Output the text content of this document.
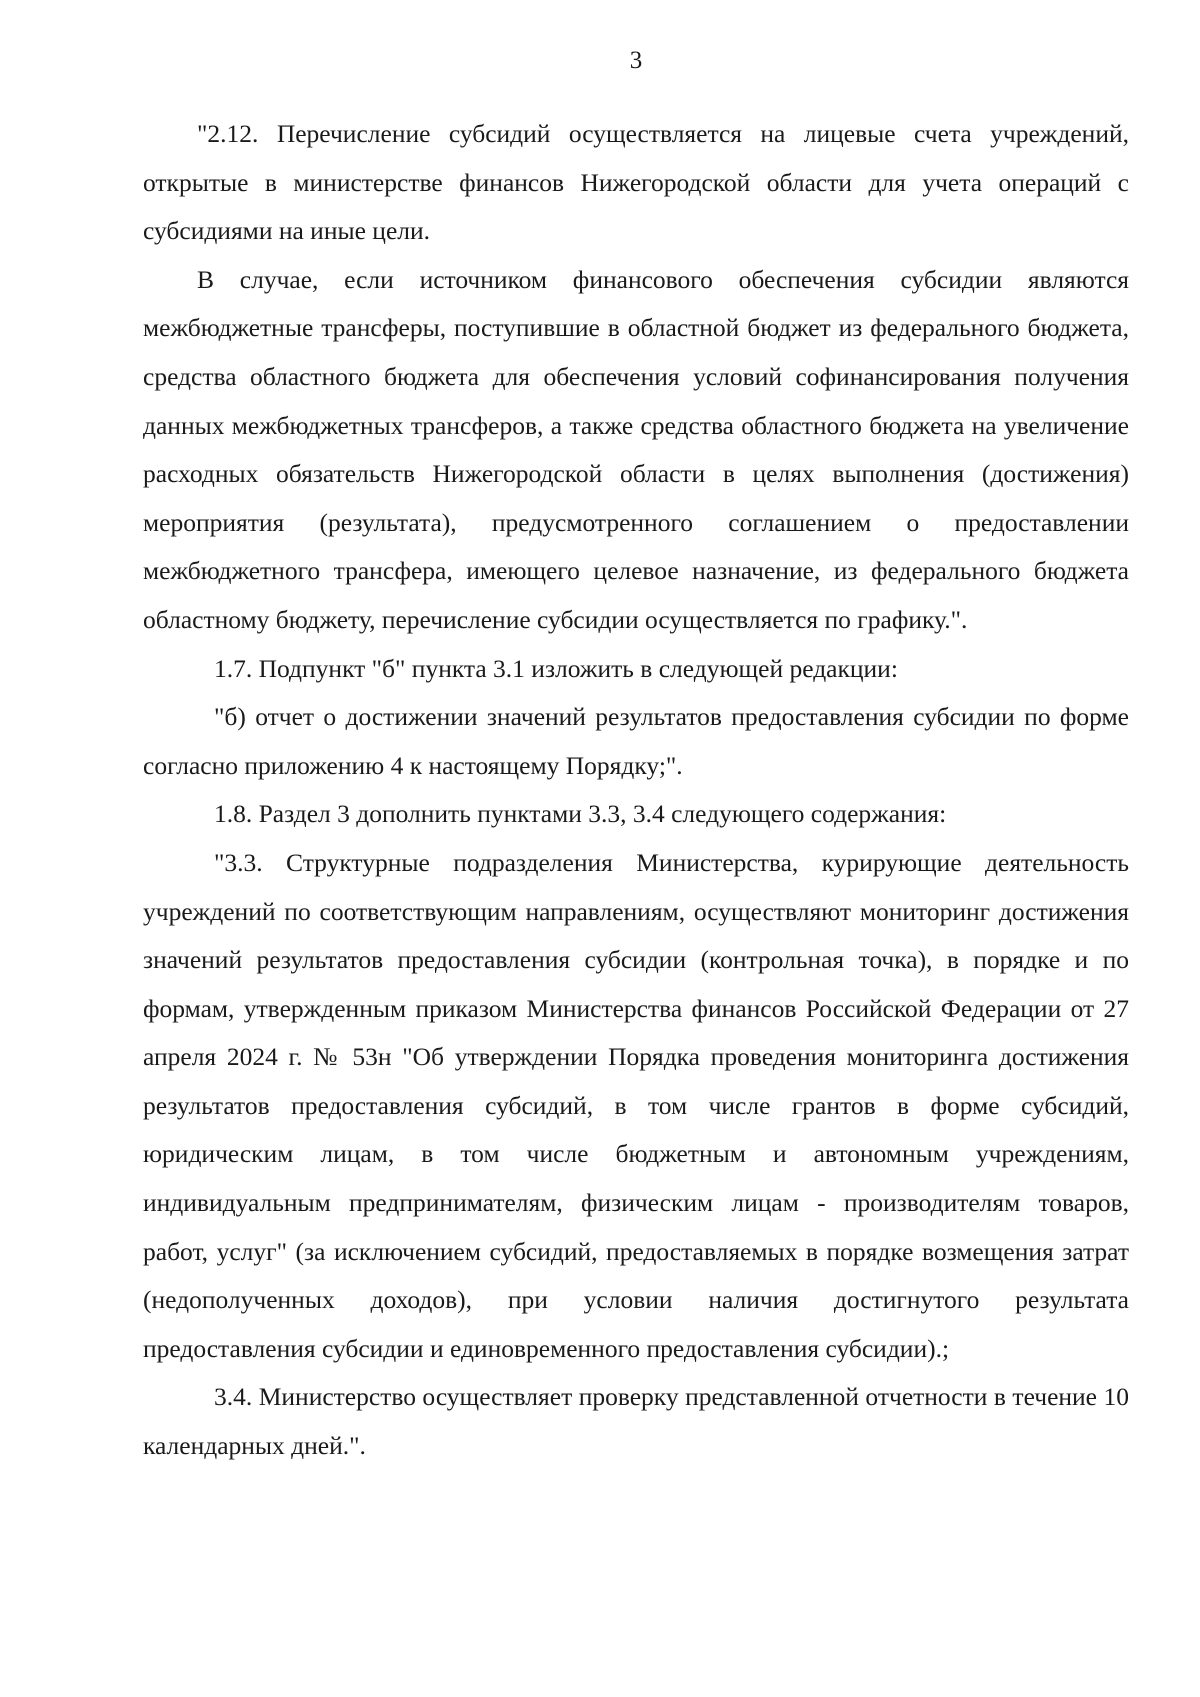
3

"2.12. Перечисление субсидий осуществляется на лицевые счета учреждений, открытые в министерстве финансов Нижегородской области для учета операций с субсидиями на иные цели.

В случае, если источником финансового обеспечения субсидии являются межбюджетные трансферы, поступившие в областной бюджет из федерального бюджета, средства областного бюджета для обеспечения условий софинансирования получения данных межбюджетных трансферов, а также средства областного бюджета на увеличение расходных обязательств Нижегородской области в целях выполнения (достижения) мероприятия (результата), предусмотренного соглашением о предоставлении межбюджетного трансфера, имеющего целевое назначение, из федерального бюджета областному бюджету, перечисление субсидии осуществляется по графику.".

1.7. Подпункт "б" пункта 3.1 изложить в следующей редакции:

"б) отчет о достижении значений результатов предоставления субсидии по форме согласно приложению 4 к настоящему Порядку;".

1.8. Раздел 3 дополнить пунктами 3.3, 3.4 следующего содержания:

"3.3. Структурные подразделения Министерства, курирующие деятельность учреждений по соответствующим направлениям, осуществляют мониторинг достижения значений результатов предоставления субсидии (контрольная точка), в порядке и по формам, утвержденным приказом Министерства финансов Российской Федерации от 27 апреля 2024 г. № 53н "Об утверждении Порядка проведения мониторинга достижения результатов предоставления субсидий, в том числе грантов в форме субсидий, юридическим лицам, в том числе бюджетным и автономным учреждениям, индивидуальным предпринимателям, физическим лицам - производителям товаров, работ, услуг" (за исключением субсидий, предоставляемых в порядке возмещения затрат (недополученных доходов), при условии наличия достигнутого результата предоставления субсидии и единовременного предоставления субсидии).;

3.4. Министерство осуществляет проверку представленной отчетности в течение 10 календарных дней.".
